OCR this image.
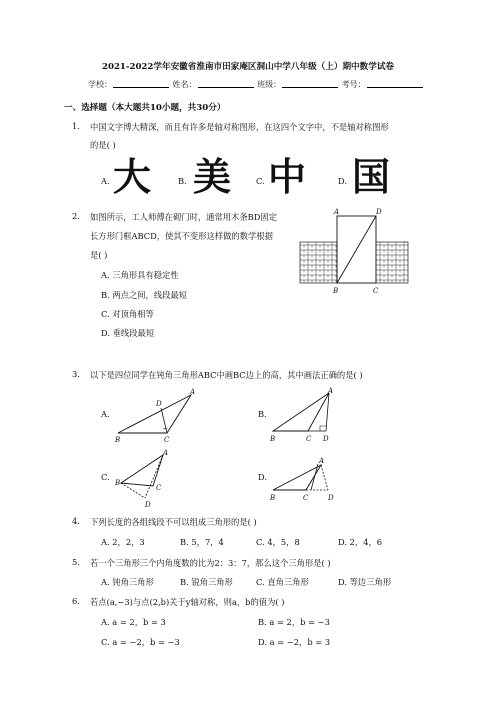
2021-2022学年安徽省淮南市田家庵区洞山中学八年级（上）期中数学试卷
学校：	姓名：	班级：	考号：
一、选择题（本大题共10小题，共30分）
1. 中国文字博大精深，而且有许多是轴对称图形，在这四个文字中，不是轴对称图形
的是( )
A. 大	B. 美	C. 中	D. 国
2. 如图所示，工人师傅在砌门时，通常用木条BD固定
长方形门框ABCD，使其不变形这样做的数学根据
是( )
A. 三角形具有稳定性
B. 两点之间，线段最短
C. 对顶角相等
D. 垂线段最短
A	D
B	C
3. 以下是四位同学在钝角三角形ABC中画BC边上的高，其中画法正确的是( )
A.
B	C
A
D
B.
B	C D
A
C.
B
C
A
D
D.
B	C	D
A
4. 下列长度的各组线段不可以组成三角形的是( )
A. 2，2，3	B. 5，7，4	C. 4，5，8	D. 2，4，6
5. 若一个三角形三个内角度数的比为2：3：7，那么这个三角形是( )
A. 钝角三角形	B. 锐角三角形	C. 直角三角形	D. 等边三角形
6. 若点(a,−3)与点(2,b)关于y轴对称，则a，b的值为( )
A. a = 2，b = 3	B. a = 2，b = −3
C. a = −2，b = −3	D. a = −2，b = 3
